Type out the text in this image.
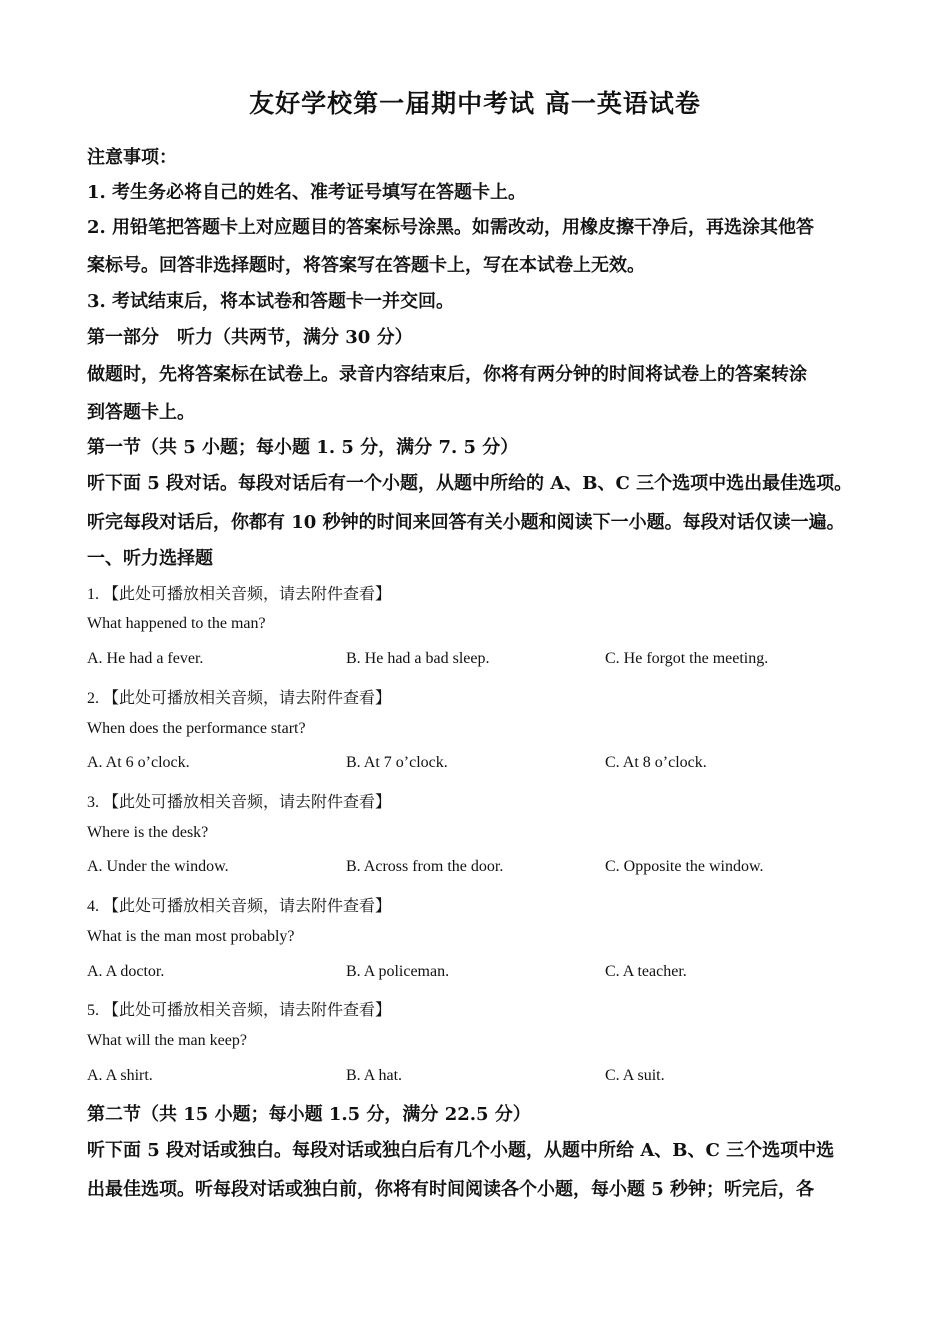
友好学校第一届期中考试 高一英语试卷
注意事项：
1. 考生务必将自己的姓名、准考证号填写在答题卡上。
2. 用铅笔把答题卡上对应题目的答案标号涂黑。如需改动，用橡皮擦干净后，再选涂其他答
案标号。回答非选择题时，将答案写在答题卡上，写在本试卷上无效。
3. 考试结束后，将本试卷和答题卡一并交回。
第一部分　听力（共两节，满分 30 分）
做题时，先将答案标在试卷上。录音内容结束后，你将有两分钟的时间将试卷上的答案转涂
到答题卡上。
第一节（共 5 小题；每小题 1. 5 分，满分 7. 5 分）
听下面 5 段对话。每段对话后有一个小题，从题中所给的 A、B、C 三个选项中选出最佳选项。
听完每段对话后，你都有 10 秒钟的时间来回答有关小题和阅读下一小题。每段对话仅读一遍。
一、听力选择题
1. 【此处可播放相关音频，请去附件查看】
What happened to the man?
A. He had a fever.	B. He had a bad sleep.	C. He forgot the meeting.
2. 【此处可播放相关音频，请去附件查看】
When does the performance start?
A. At 6 o’clock.	B. At 7 o’clock.	C. At 8 o’clock.
3. 【此处可播放相关音频，请去附件查看】
Where is the desk?
A. Under the window.	B. Across from the door.	C. Opposite the window.
4. 【此处可播放相关音频，请去附件查看】
What is the man most probably?
A. A doctor.	B. A policeman.	C. A teacher.
5. 【此处可播放相关音频，请去附件查看】
What will the man keep?
A. A shirt.	B. A hat.	C. A suit.
第二节（共 15 小题；每小题 1.5 分，满分 22.5 分）
听下面 5 段对话或独白。每段对话或独白后有几个小题，从题中所给 A、B、C 三个选项中选
出最佳选项。听每段对话或独白前，你将有时间阅读各个小题，每小题 5 秒钟；听完后，各
